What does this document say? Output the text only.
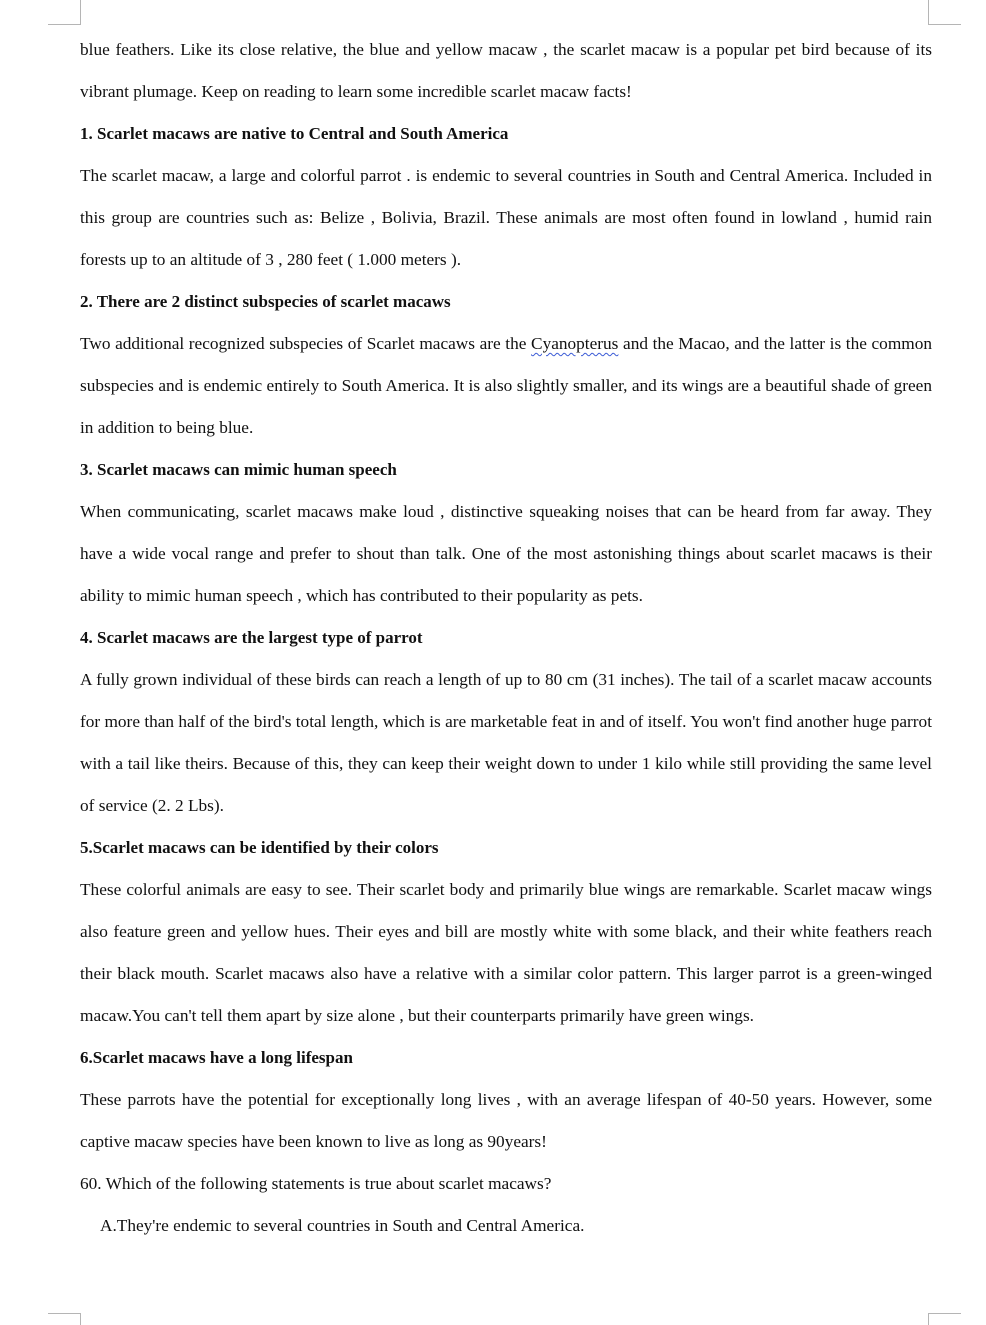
blue feathers. Like its close relative, the blue and yellow macaw , the scarlet macaw is a popular pet bird because of its vibrant plumage. Keep on reading to learn some incredible scarlet macaw facts!

1. Scarlet macaws are native to Central and South America

The scarlet macaw, a large and colorful parrot . is endemic to several countries in South and Central America. Included in this group are countries such as: Belize , Bolivia, Brazil. These animals are most often found in lowland , humid rain forests up to an altitude of 3 , 280 feet ( 1.000 meters ).

2. There are 2 distinct subspecies of scarlet macaws

Two additional recognized subspecies of Scarlet macaws are the Cyanopterus and the Macao, and the latter is the common subspecies and is endemic entirely to South America. It is also slightly smaller, and its wings are a beautiful shade of green in addition to being blue.

3. Scarlet macaws can mimic human speech

When communicating, scarlet macaws make loud , distinctive squeaking noises that can be heard from far away. They have a wide vocal range and prefer to shout than talk. One of the most astonishing things about scarlet macaws is their ability to mimic human speech , which has contributed to their popularity as pets.

4. Scarlet macaws are the largest type of parrot

A fully grown individual of these birds can reach a length of up to 80 cm (31 inches). The tail of a scarlet macaw accounts for more than half of the bird's total length, which is are marketable feat in and of itself. You won't find another huge parrot with a tail like theirs. Because of this, they can keep their weight down to under 1 kilo while still providing the same level of service (2. 2 Lbs).

5.Scarlet macaws can be identified by their colors

These colorful animals are easy to see. Their scarlet body and primarily blue wings are remarkable. Scarlet macaw wings also feature green and yellow hues. Their eyes and bill are mostly white with some black, and their white feathers reach their black mouth. Scarlet macaws also have a relative with a similar color pattern. This larger parrot is a green-winged macaw.You can't tell them apart by size alone , but their counterparts primarily have green wings.

6.Scarlet macaws have a long lifespan

These parrots have the potential for exceptionally long lives , with an average lifespan of 40-50 years. However, some captive macaw species have been known to live as long as 90years!

60. Which of the following statements is true about scarlet macaws?

A.They're endemic to several countries in South and Central America.
